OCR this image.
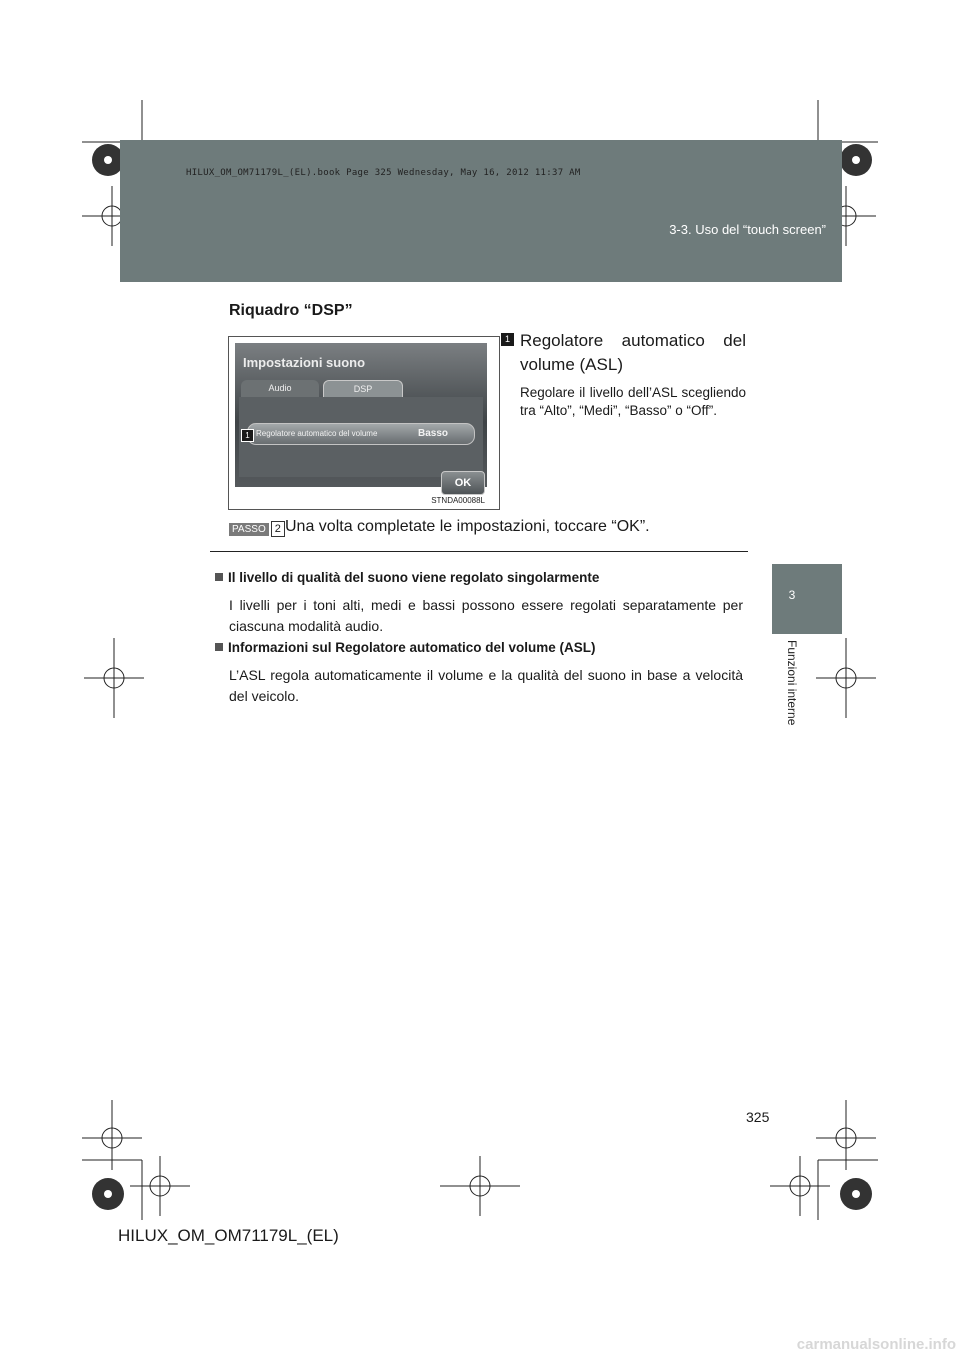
HILUX_OM_OM71179L_(EL).book Page 325 Wednesday, May 16, 2012 11:37 AM
3-3. Uso del “touch screen”
3
Funzioni interne
Riquadro “DSP”
Impostazioni suono
Audio	DSP
Regolatore automatico del volume	Basso
1
OK
STNDA00088L
1 Regolatore automatico del volume (ASL)
Regolare il livello dell’ASL scegliendo tra “Alto”, “Medi”, “Basso” o “Off”.
PASSO 2 Una volta completate le impostazioni, toccare “OK”.
Il livello di qualità del suono viene regolato singolarmente
I livelli per i toni alti, medi e bassi possono essere regolati separatamente per ciascuna modalità audio.
Informazioni sul Regolatore automatico del volume (ASL)
L’ASL regola automaticamente il volume e la qualità del suono in base a velocità del veicolo.
325
HILUX_OM_OM71179L_(EL)
carmanualsonline.info
